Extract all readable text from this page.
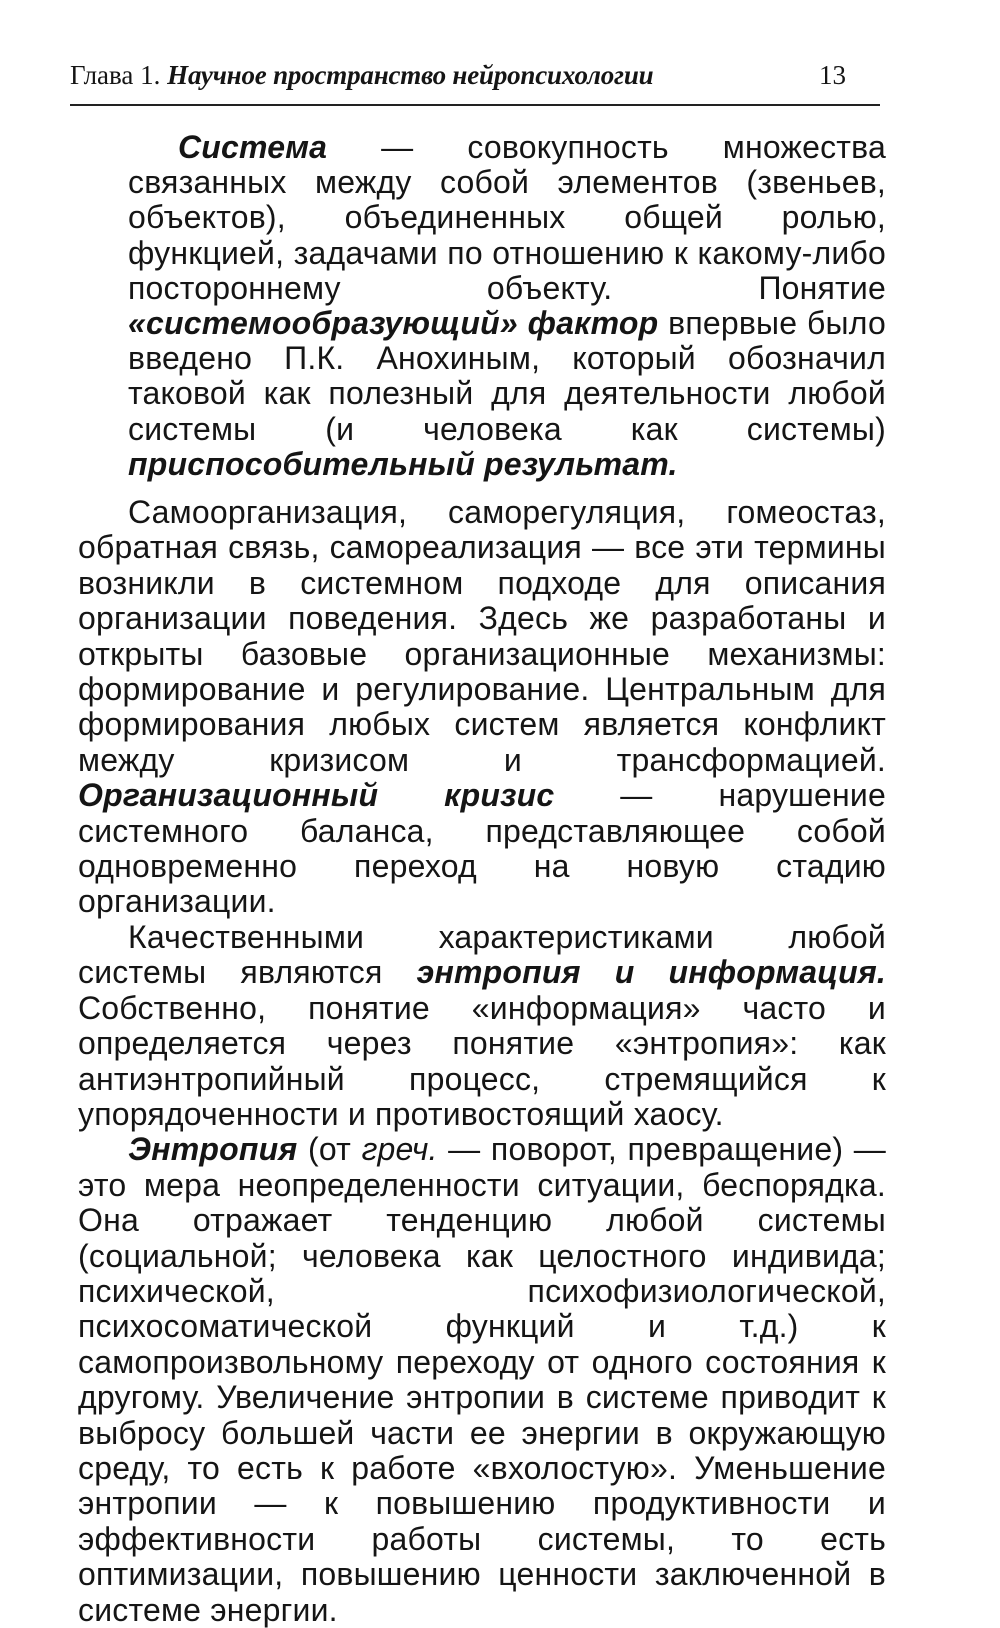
Глава 1. Научное пространство нейропсихологии	13

Система — совокупность множества связанных между собой элементов (звеньев, объектов), объединенных общей ролью, функцией, задачами по отношению к какому-либо постороннему объекту. Понятие «системообразующий» фактор впервые было введено П.К. Анохиным, который обозначил таковой как полезный для деятельности любой системы (и человека как системы) приспособительный результат.

Самоорганизация, саморегуляция, гомеостаз, обратная связь, самореализация — все эти термины возникли в системном подходе для описания организации поведения. Здесь же разработаны и открыты базовые организационные механизмы: формирование и регулирование. Центральным для формирования любых систем является конфликт между кризисом и трансформацией. Организационный кризис — нарушение системного баланса, представляющее собой одновременно переход на новую стадию организации.

Качественными характеристиками любой системы являются энтропия и информация. Собственно, понятие «информация» часто и определяется через понятие «энтропия»: как антиэнтропийный процесс, стремящийся к упорядоченности и противостоящий хаосу.

Энтропия (от греч. — поворот, превращение) — это мера неопределенности ситуации, беспорядка. Она отражает тенденцию любой системы (социальной; человека как целостного индивида; психической, психофизиологической, психосоматической функций и т.д.) к самопроизвольному переходу от одного состояния к другому. Увеличение энтропии в системе приводит к выбросу большей части ее энергии в окружающую среду, то есть к работе «вхолостую». Уменьшение энтропии — к повышению продуктивности и эффективности работы системы, то есть оптимизации, повышению ценности заключенной в системе энергии.
